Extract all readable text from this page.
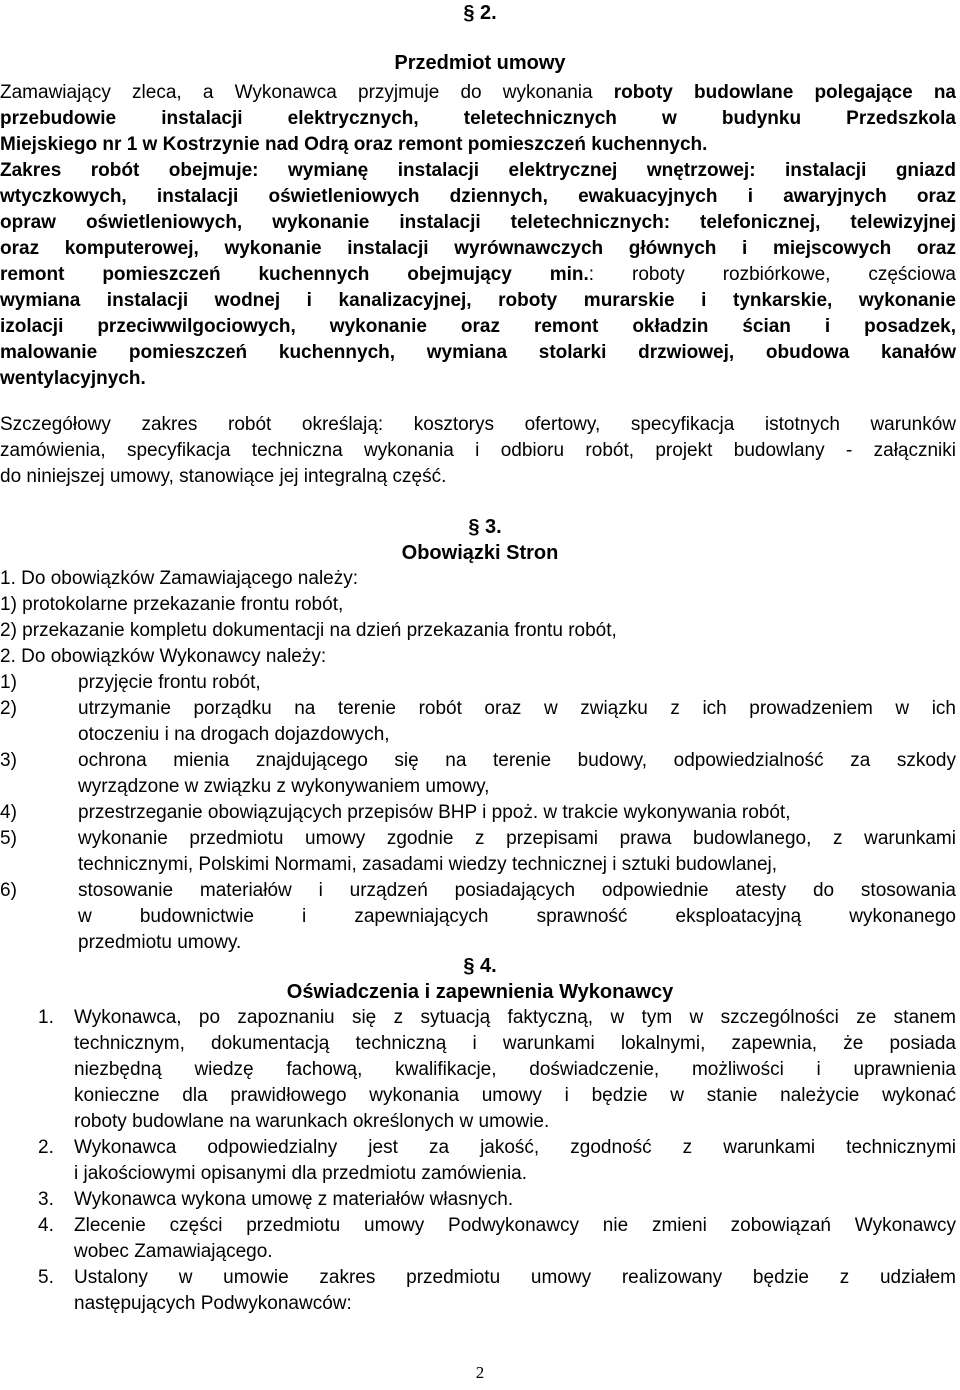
§ 2.
Przedmiot umowy
Zamawiający zleca, a Wykonawca przyjmuje do wykonania roboty budowlane polegające na
przebudowie instalacji elektrycznych, teletechnicznych w budynku Przedszkola
Miejskiego nr 1 w Kostrzynie nad Odrą oraz remont pomieszczeń kuchennych.
Zakres robót obejmuje: wymianę instalacji elektrycznej wnętrzowej: instalacji gniazd
wtyczkowych, instalacji oświetleniowych dziennych, ewakuacyjnych i awaryjnych oraz
opraw oświetleniowych, wykonanie instalacji teletechnicznych: telefonicznej, telewizyjnej
oraz komputerowej, wykonanie instalacji wyrównawczych głównych i miejscowych oraz
remont pomieszczeń kuchennych obejmujący min.: roboty rozbiórkowe, częściowa
wymiana instalacji wodnej i kanalizacyjnej, roboty murarskie i tynkarskie, wykonanie
izolacji przeciwwilgociowych, wykonanie oraz remont okładzin ścian i posadzek,
malowanie pomieszczeń kuchennych, wymiana stolarki drzwiowej, obudowa kanałów
wentylacyjnych.
Szczegółowy zakres robót określają: kosztorys ofertowy, specyfikacja istotnych warunków
zamówienia, specyfikacja techniczna wykonania i odbioru robót, projekt budowlany - załączniki
do niniejszej umowy, stanowiące jej integralną część.
§ 3.
Obowiązki Stron
1. Do obowiązków Zamawiającego należy:
1) protokolarne przekazanie frontu robót,
2) przekazanie kompletu dokumentacji na dzień przekazania frontu robót,
2. Do obowiązków Wykonawcy należy:
1)	przyjęcie frontu robót,
2)	utrzymanie porządku na terenie robót oraz w związku z ich prowadzeniem w ich
otoczeniu i na drogach dojazdowych,
3)	ochrona mienia znajdującego się na terenie budowy, odpowiedzialność za szkody
wyrządzone w związku z wykonywaniem umowy,
4)	przestrzeganie obowiązujących przepisów BHP i ppoż. w trakcie wykonywania robót,
5)	wykonanie przedmiotu umowy zgodnie z przepisami prawa budowlanego, z warunkami
technicznymi, Polskimi Normami, zasadami wiedzy technicznej i sztuki budowlanej,
6)	stosowanie materiałów i urządzeń posiadających odpowiednie atesty do stosowania
w budownictwie i zapewniających sprawność eksploatacyjną wykonanego
przedmiotu umowy.
§ 4.
Oświadczenia i zapewnienia Wykonawcy
1. Wykonawca, po zapoznaniu się z sytuacją faktyczną, w tym w szczególności ze stanem
technicznym, dokumentacją techniczną i warunkami lokalnymi, zapewnia, że posiada
niezbędną wiedzę fachową, kwalifikacje, doświadczenie, możliwości i uprawnienia
konieczne dla prawidłowego wykonania umowy i będzie w stanie należycie wykonać
roboty budowlane na warunkach określonych w umowie.
2. Wykonawca odpowiedzialny jest za jakość, zgodność z warunkami technicznymi
i jakościowymi opisanymi dla przedmiotu zamówienia.
3. Wykonawca wykona umowę z materiałów własnych.
4. Zlecenie części przedmiotu umowy Podwykonawcy nie zmieni zobowiązań Wykonawcy
wobec Zamawiającego.
5. Ustalony w umowie zakres przedmiotu umowy realizowany będzie z udziałem
następujących Podwykonawców:
2
